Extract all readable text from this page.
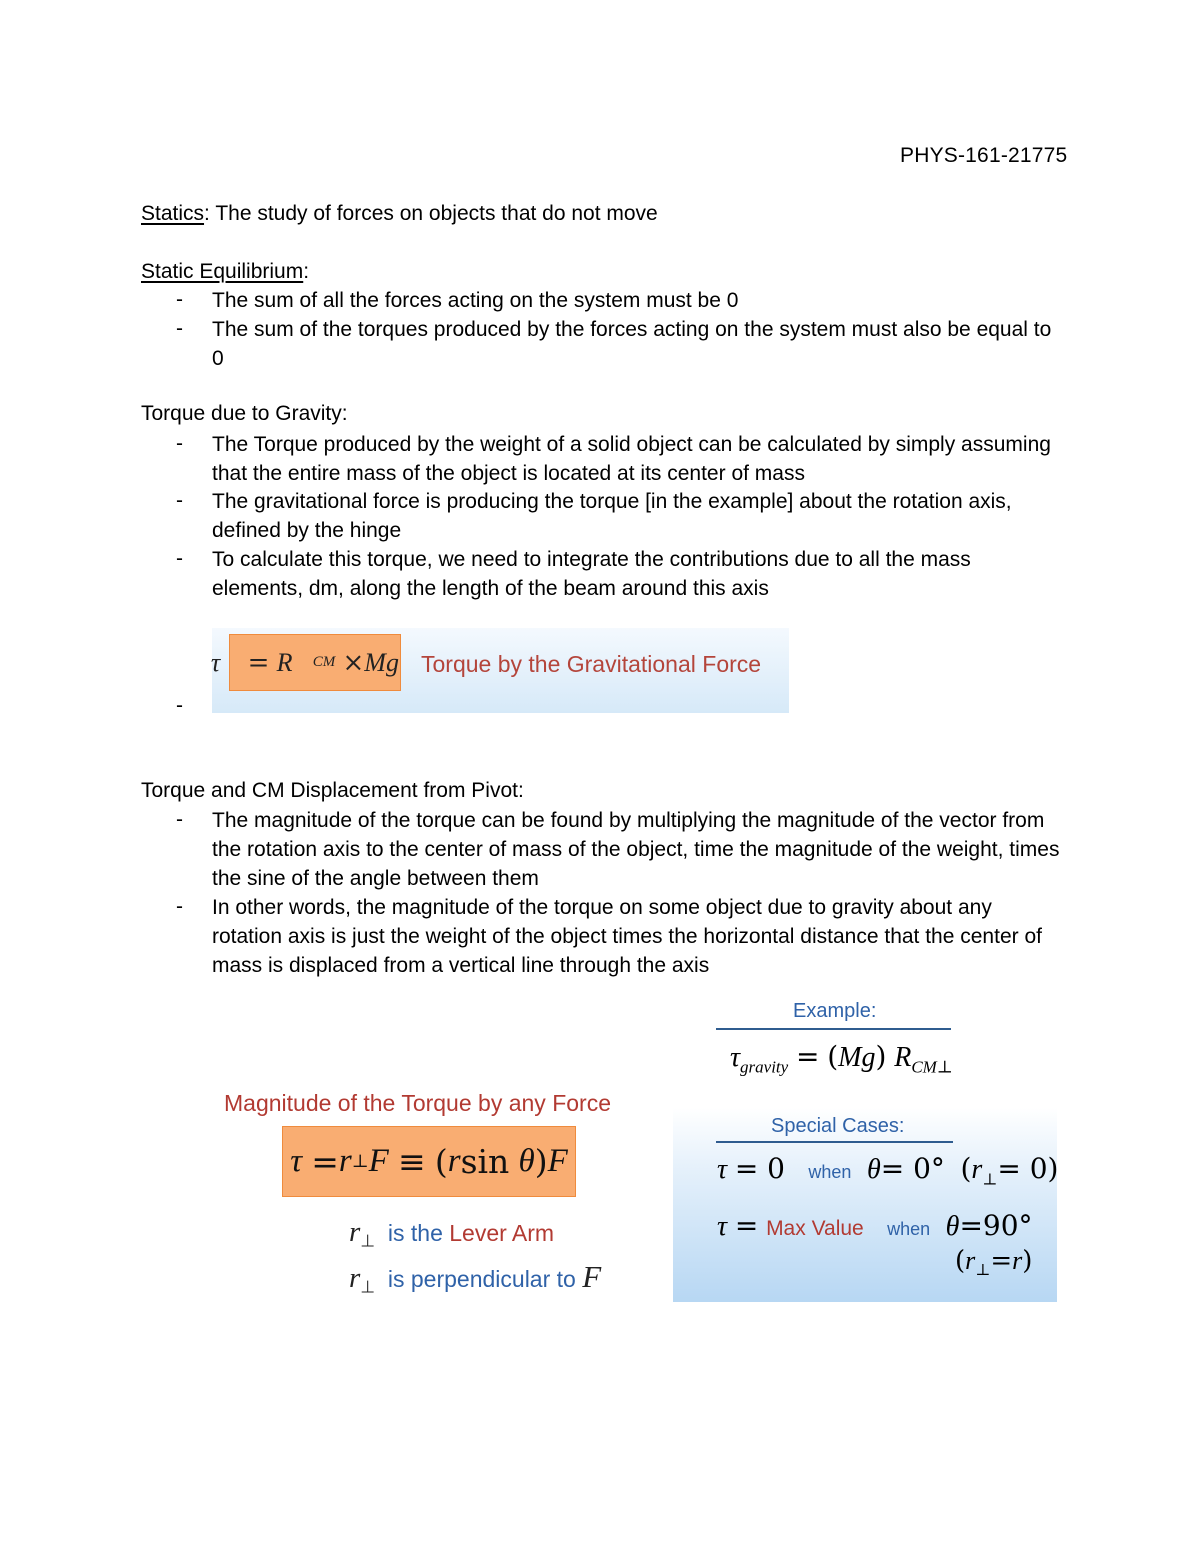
PHYS-161-21775
Statics: The study of forces on objects that do not move
Static Equilibrium:
- The sum of all the forces acting on the system must be 0
- The sum of the torques produced by the forces acting on the system must also be equal to 0
Torque due to Gravity:
- The Torque produced by the weight of a solid object can be calculated by simply assuming that the entire mass of the object is located at its center of mass
- The gravitational force is producing the torque [in the example] about the rotation axis, defined by the hinge
- To calculate this torque, we need to integrate the contributions due to all the mass elements, dm, along the length of the beam around this axis
-
τ⃗
=
R⃗ CM
× Mg⃗ Torque by the Gravitational Force
Torque and CM Displacement from Pivot:
- The magnitude of the torque can be found by multiplying the magnitude of the vector from the rotation axis to the center of mass of the object, time the magnitude of the weight, times the sine of the angle between them
- In other words, the magnitude of the torque on some object due to gravity about any rotation axis is just the weight of the object times the horizontal distance that the center of mass is displaced from a vertical line through the axis
Magnitude of the Torque by any Force
τ
= r ⊥ F
≡
( r sin
θ ) F
$r_\perp$ is the Lever Arm
$r_\perp$ is perpendicular to F⃗
Example:
$\tau_{gravity} = (Mg)$ $R_{CM\perp}$
Special Cases:
τ = 0 when θ= 0° $(r_\perp= 0)$
τ = Max Value when θ=90°
$(r_\perp=r)$
